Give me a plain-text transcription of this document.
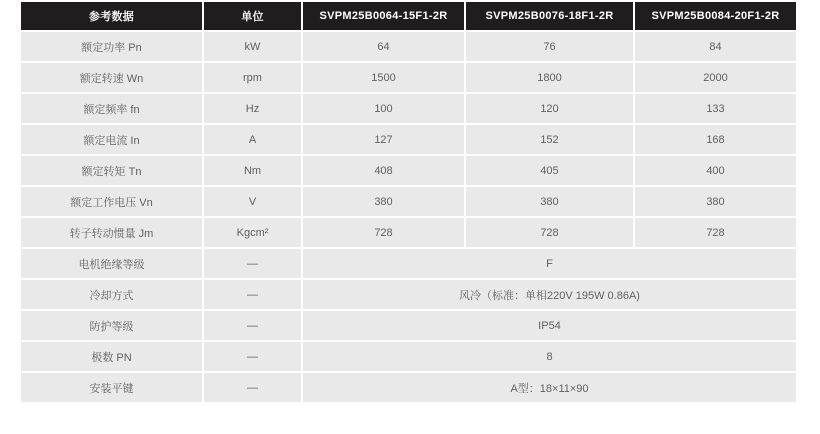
参考数据	单位	SVPM25B0064-15F1-2R	SVPM25B0076-18F1-2R	SVPM25B0084-20F1-2R
额定功率 Pn	kW	64	76	84
额定转速 Wn	rpm	1500	1800	2000
额定频率 fn	Hz	100	120	133
额定电流 In	A	127	152	168
额定转矩 Tn	Nm	408	405	400
额定工作电压 Vn	V	380	380	380
转子转动惯量 Jm	Kgcm²	728	728	728
电机绝缘等级	—	F		
冷却方式	—	风冷（标准：单相220V 195W 0.86A)		
防护等级	—	IP54		
极数 PN	—	8		
安装平键	—	A型：18×11×90		
